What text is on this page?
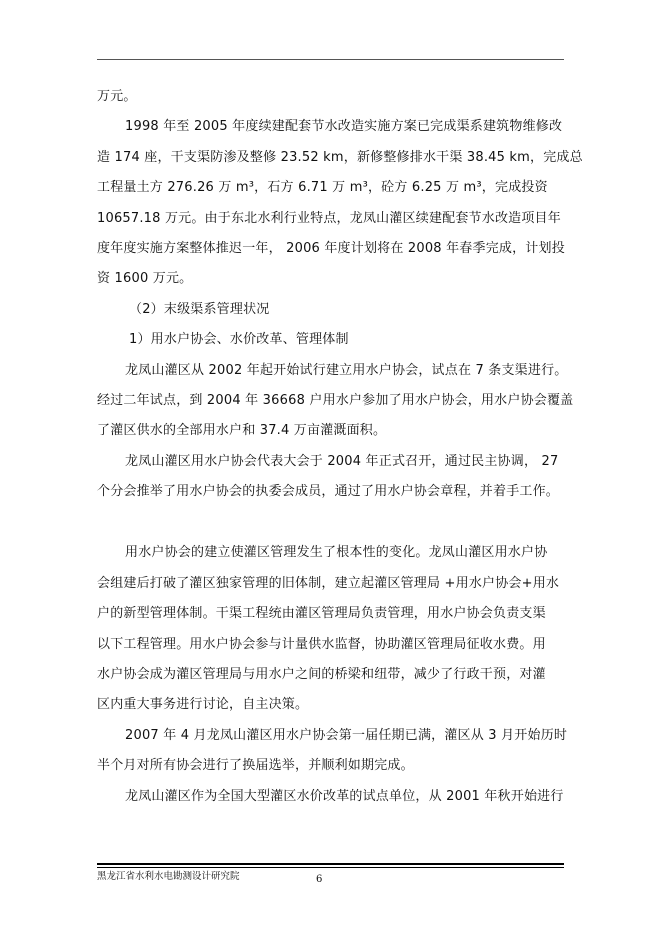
万元。
1998 年至 2005 年度续建配套节水改造实施方案已完成渠系建筑物维修改
造 174 座，干支渠防渗及整修 23.52 km，新修整修排水干渠 38.45 km，完成总
工程量土方 276.26 万 m³，石方 6.71 万 m³，砼方 6.25 万 m³，完成投资
10657.18 万元。由于东北水利行业特点，龙凤山灌区续建配套节水改造项目年
度年度实施方案整体推迟一年， 2006 年度计划将在 2008 年春季完成，计划投
资 1600 万元。
（2）末级渠系管理状况
1）用水户协会、水价改革、管理体制
龙凤山灌区从 2002 年起开始试行建立用水户协会，试点在 7 条支渠进行。
经过二年试点，到 2004 年 36668 户用水户参加了用水户协会，用水户协会覆盖
了灌区供水的全部用水户和 37.4 万亩灌溉面积。
龙凤山灌区用水户协会代表大会于 2004 年正式召开，通过民主协调， 27
个分会推举了用水户协会的执委会成员，通过了用水户协会章程，并着手工作。
用水户协会的建立使灌区管理发生了根本性的变化。龙凤山灌区用水户协
会组建后打破了灌区独家管理的旧体制，建立起灌区管理局 +用水户协会+用水
户的新型管理体制。干渠工程统由灌区管理局负责管理，用水户协会负责支渠
以下工程管理。用水户协会参与计量供水监督，协助灌区管理局征收水费。用
水户协会成为灌区管理局与用水户之间的桥梁和纽带，减少了行政干预，对灌
区内重大事务进行讨论，自主决策。
2007 年 4 月龙凤山灌区用水户协会第一届任期已满，灌区从 3 月开始历时
半个月对所有协会进行了换届选举，并顺利如期完成。
龙凤山灌区作为全国大型灌区水价改革的试点单位，从 2001 年秋开始进行
黑龙江省水利水电勘测设计研究院	6
